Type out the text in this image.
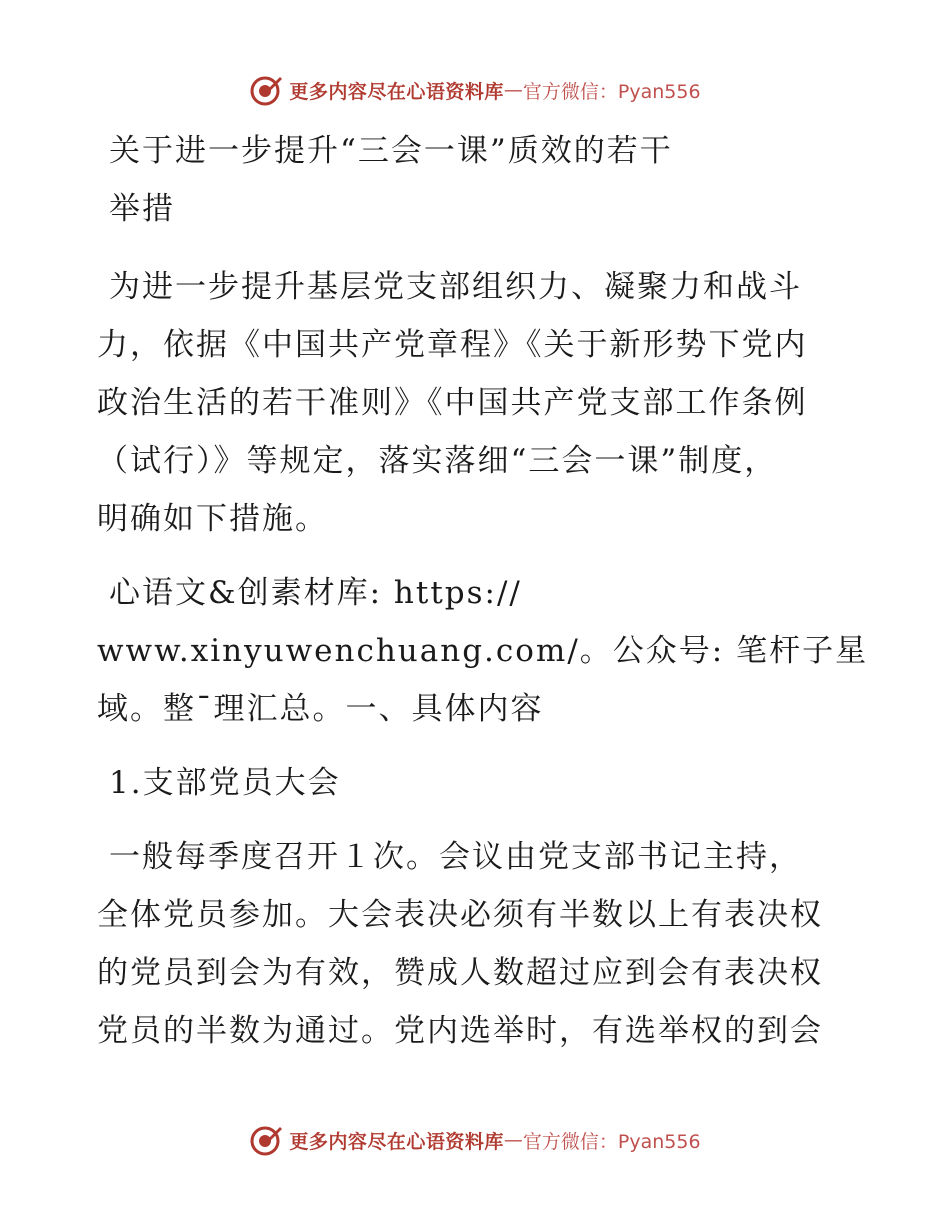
更多内容尽在心语资料库 — 官方微信：Pyan556
关于进一步提升“三会一课”质效的若干
举措
为进一步提升基层党支部组织力、凝聚力和战斗
力，依据《中国共产党章程》《关于新形势下党内
政治生活的若干准则》《中国共产党支部工作条例
（试行）》等规定，落实落细“三会一课”制度，
明确如下措施。
心语文&创素材库: https://
www.xinyuwenchuang.com/。公众号: 笔杆子星
域。整¯理汇总。一、具体内容
1.支部党员大会
一般每季度召开１次。会议由党支部书记主持，
全体党员参加。大会表决必须有半数以上有表决权
的党员到会为有效，赞成人数超过应到会有表决权
党员的半数为通过。党内选举时，有选举权的到会
更多内容尽在心语资料库 — 官方微信：Pyan556
